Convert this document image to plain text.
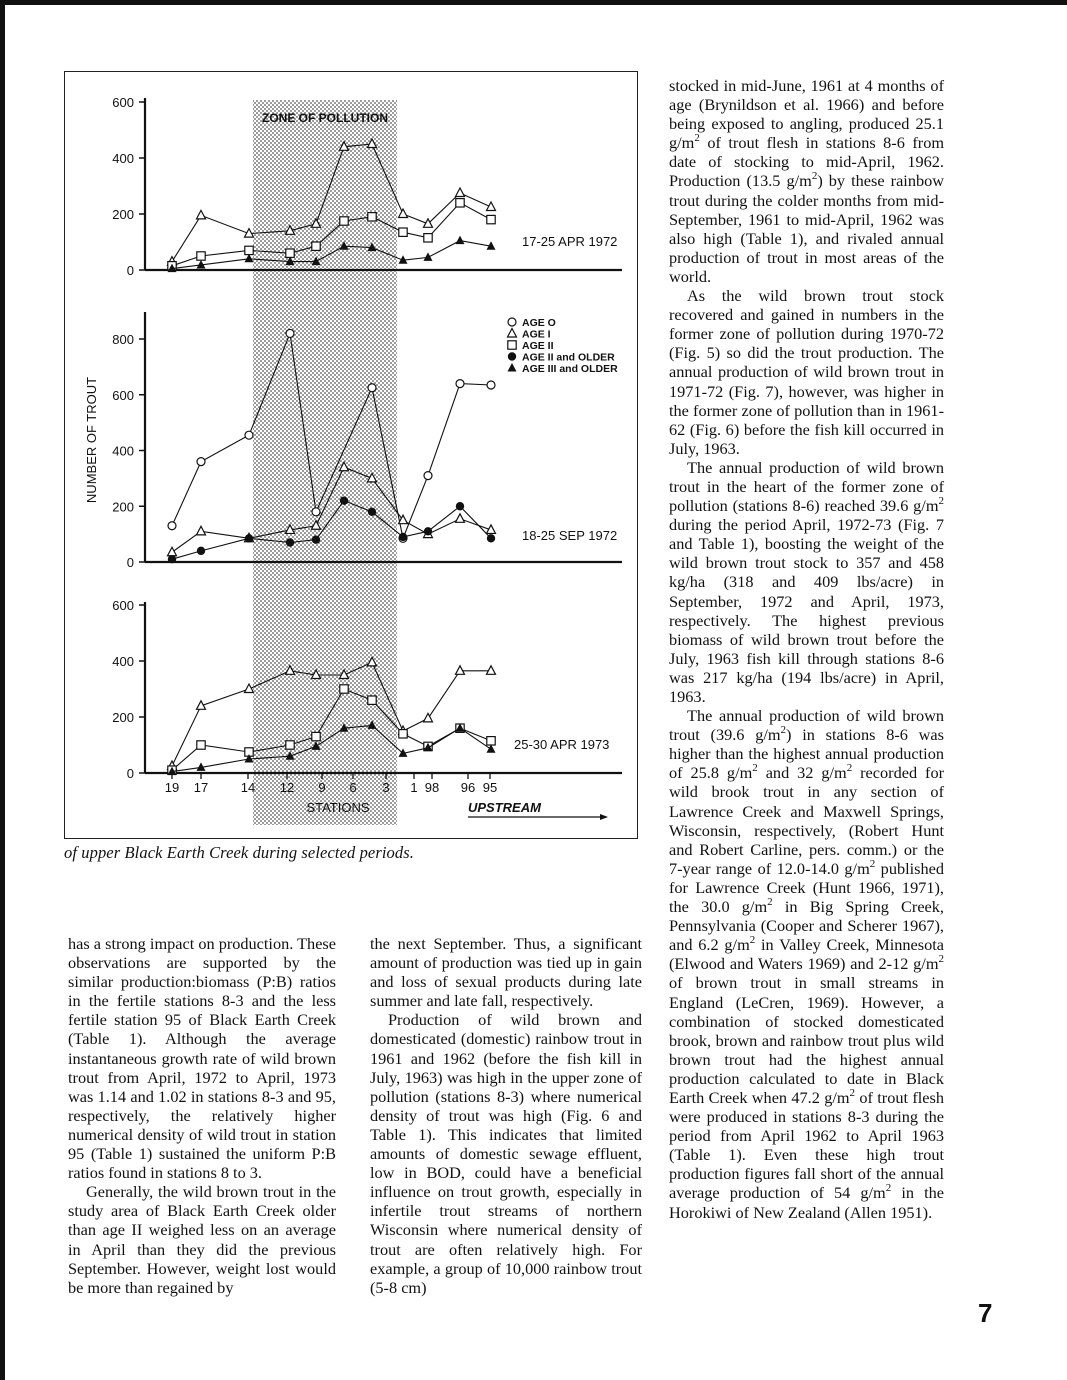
ZONE OF POLLUTION
0
200
400
600
0
200
400
600
800
0
200
400
600
19 17	14 12 9 6 3 1 98 96 95
NUMBER OF TROUT
STATIONS	UPSTREAM
AGE O
AGE I
AGE II
AGE II and OLDER
AGE III and OLDER
17-25 APR 1972
18-25 SEP 1972
25-30 APR 1973
of upper Black Earth Creek during selected periods.

has a strong impact on production. These observations are supported by the similar production:biomass (P:B) ratios in the fertile stations 8-3 and the less fertile station 95 of Black Earth Creek (Table 1). Although the average instantaneous growth rate of wild brown trout from April, 1972 to April, 1973 was 1.14 and 1.02 in stations 8-3 and 95, respectively, the relatively higher numerical density of wild trout in station 95 (Table 1) sustained the uniform P:B ratios found in stations 8 to 3.

Generally, the wild brown trout in the study area of Black Earth Creek older than age II weighed less on an average in April than they did the previous September. However, weight lost would be more than regained by

the next September. Thus, a significant amount of production was tied up in gain and loss of sexual products during late summer and late fall, respectively.

Production of wild brown and domesticated (domestic) rainbow trout in 1961 and 1962 (before the fish kill in July, 1963) was high in the upper zone of pollution (stations 8-3) where numerical density of trout was high (Fig. 6 and Table 1). This indicates that limited amounts of domestic sewage effluent, low in BOD, could have a beneficial influence on trout growth, especially in infertile trout streams of northern Wisconsin where numerical density of trout are often relatively high. For example, a group of 10,000 rainbow trout (5-8 cm)

stocked in mid-June, 1961 at 4 months of age (Brynildson et al. 1966) and before being exposed to angling, produced 25.1 $g/m^2$ of trout flesh in stations 8-6 from date of stocking to mid-April, 1962. Production (13.5 $g/m^2$) by these rainbow trout during the colder months from mid-September, 1961 to mid-April, 1962 was also high (Table 1), and rivaled annual production of trout in most areas of the world.

As the wild brown trout stock recovered and gained in numbers in the former zone of pollution during 1970-72 (Fig. 5) so did the trout production. The annual production of wild brown trout in 1971-72 (Fig. 7), however, was higher in the former zone of pollution than in 1961-62 (Fig. 6) before the fish kill occurred in July, 1963.

The annual production of wild brown trout in the heart of the former zone of pollution (stations 8-6) reached 39.6 $g/m^2$ during the period April, 1972-73 (Fig. 7 and Table 1), boosting the weight of the wild brown trout stock to 357 and 458 kg/ha (318 and 409 lbs/acre) in September, 1972 and April, 1973, respectively. The highest previous biomass of wild brown trout before the July, 1963 fish kill through stations 8-6 was 217 kg/ha (194 lbs/acre) in April, 1963.

The annual production of wild brown trout (39.6 $g/m^2$) in stations 8-6 was higher than the highest annual production of 25.8 $g/m^2$ and 32 $g/m^2$ recorded for wild brook trout in any section of Lawrence Creek and Maxwell Springs, Wisconsin, respectively, (Robert Hunt and Robert Carline, pers. comm.) or the 7-year range of 12.0-14.0 $g/m^2$ published for Lawrence Creek (Hunt 1966, 1971), the 30.0 $g/m^2$ in Big Spring Creek, Pennsylvania (Cooper and Scherer 1967), and 6.2 $g/m^2$ in Valley Creek, Minnesota (Elwood and Waters 1969) and 2-12 $g/m^2$ of brown trout in small streams in England (LeCren, 1969). However, a combination of stocked domesticated brook, brown and rainbow trout plus wild brown trout had the highest annual production calculated to date in Black Earth Creek when 47.2 $g/m^2$ of trout flesh were produced in stations 8-3 during the period from April 1962 to April 1963 (Table 1). Even these high trout production figures fall short of the annual average production of 54 $g/m^2$ in the Horokiwi of New Zealand (Allen 1951).

7
